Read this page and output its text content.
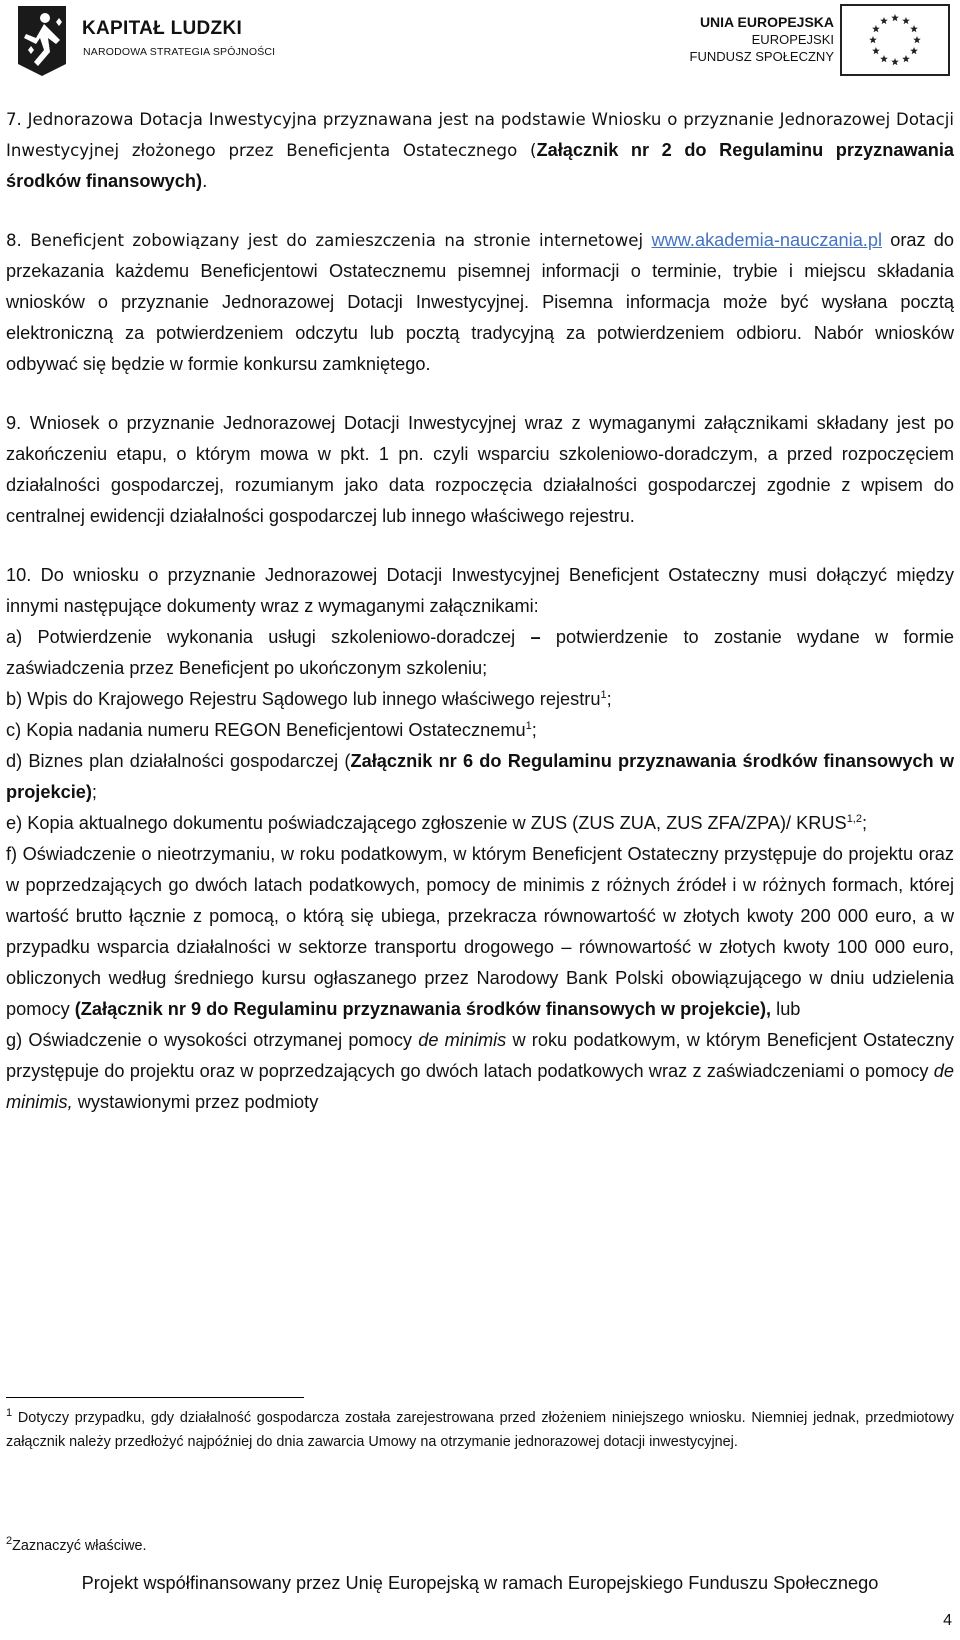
KAPITAŁ LUDZKI
NARODOWA STRATEGIA SPÓJNOŚCI
UNIA EUROPEJSKA
EUROPEJSKI
FUNDUSZ SPOŁECZNY

7. Jednorazowa Dotacja Inwestycyjna przyznawana jest na podstawie Wniosku o przyznanie Jednorazowej Dotacji Inwestycyjnej złożonego przez Beneficjenta Ostatecznego (Załącznik nr 2 do Regulaminu przyznawania środków finansowych).

8. Beneficjent zobowiązany jest do zamieszczenia na stronie internetowej www.akademia-nauczania.pl oraz do przekazania każdemu Beneficjentowi Ostatecznemu pisemnej informacji o terminie, trybie i miejscu składania wniosków o przyznanie Jednorazowej Dotacji Inwestycyjnej. Pisemna informacja może być wysłana pocztą elektroniczną za potwierdzeniem odczytu lub pocztą tradycyjną za potwierdzeniem odbioru. Nabór wniosków odbywać się będzie w formie konkursu zamkniętego.

9. Wniosek o przyznanie Jednorazowej Dotacji Inwestycyjnej wraz z wymaganymi załącznikami składany jest po zakończeniu etapu, o którym mowa w pkt. 1 pn. czyli wsparciu szkoleniowo-doradczym, a przed rozpoczęciem działalności gospodarczej, rozumianym jako data rozpoczęcia działalności gospodarczej zgodnie z wpisem do centralnej ewidencji działalności gospodarczej lub innego właściwego rejestru.

10. Do wniosku o przyznanie Jednorazowej Dotacji Inwestycyjnej Beneficjent Ostateczny musi dołączyć między innymi następujące dokumenty wraz z wymaganymi załącznikami:
a) Potwierdzenie wykonania usługi szkoleniowo-doradczej – potwierdzenie to zostanie wydane w formie zaświadczenia przez Beneficjent po ukończonym szkoleniu;
b) Wpis do Krajowego Rejestru Sądowego lub innego właściwego rejestru$^1$;
c) Kopia nadania numeru REGON Beneficjentowi Ostatecznemu$^1$;
d) Biznes plan działalności gospodarczej (Załącznik nr 6 do Regulaminu przyznawania środków finansowych w projekcie);
e) Kopia aktualnego dokumentu poświadczającego zgłoszenie w ZUS (ZUS ZUA, ZUS ZFA/ZPA)/ KRUS$^{1,2}$;
f) Oświadczenie o nieotrzymaniu, w roku podatkowym, w którym Beneficjent Ostateczny przystępuje do projektu oraz w poprzedzających go dwóch latach podatkowych, pomocy de minimis z różnych źródeł i w różnych formach, której wartość brutto łącznie z pomocą, o którą się ubiega, przekracza równowartość w złotych kwoty 200 000 euro, a w przypadku wsparcia działalności w sektorze transportu drogowego – równowartość w złotych kwoty 100 000 euro, obliczonych według średniego kursu ogłaszanego przez Narodowy Bank Polski obowiązującego w dniu udzielenia pomocy (Załącznik nr 9 do Regulaminu przyznawania środków finansowych w projekcie), lub
g) Oświadczenie o wysokości otrzymanej pomocy de minimis w roku podatkowym, w którym Beneficjent Ostateczny przystępuje do projektu oraz w poprzedzających go dwóch latach podatkowych wraz z zaświadczeniami o pomocy de minimis, wystawionymi przez podmioty

$^1$ Dotyczy przypadku, gdy działalność gospodarcza została zarejestrowana przed złożeniem niniejszego wniosku. Niemniej jednak, przedmiotowy załącznik należy przedłożyć najpóźniej do dnia zawarcia Umowy na otrzymanie jednorazowej dotacji inwestycyjnej.
$^2$Zaznaczyć właściwe.
Projekt współfinansowany przez Unię Europejską w ramach Europejskiego Funduszu Społecznego
4
